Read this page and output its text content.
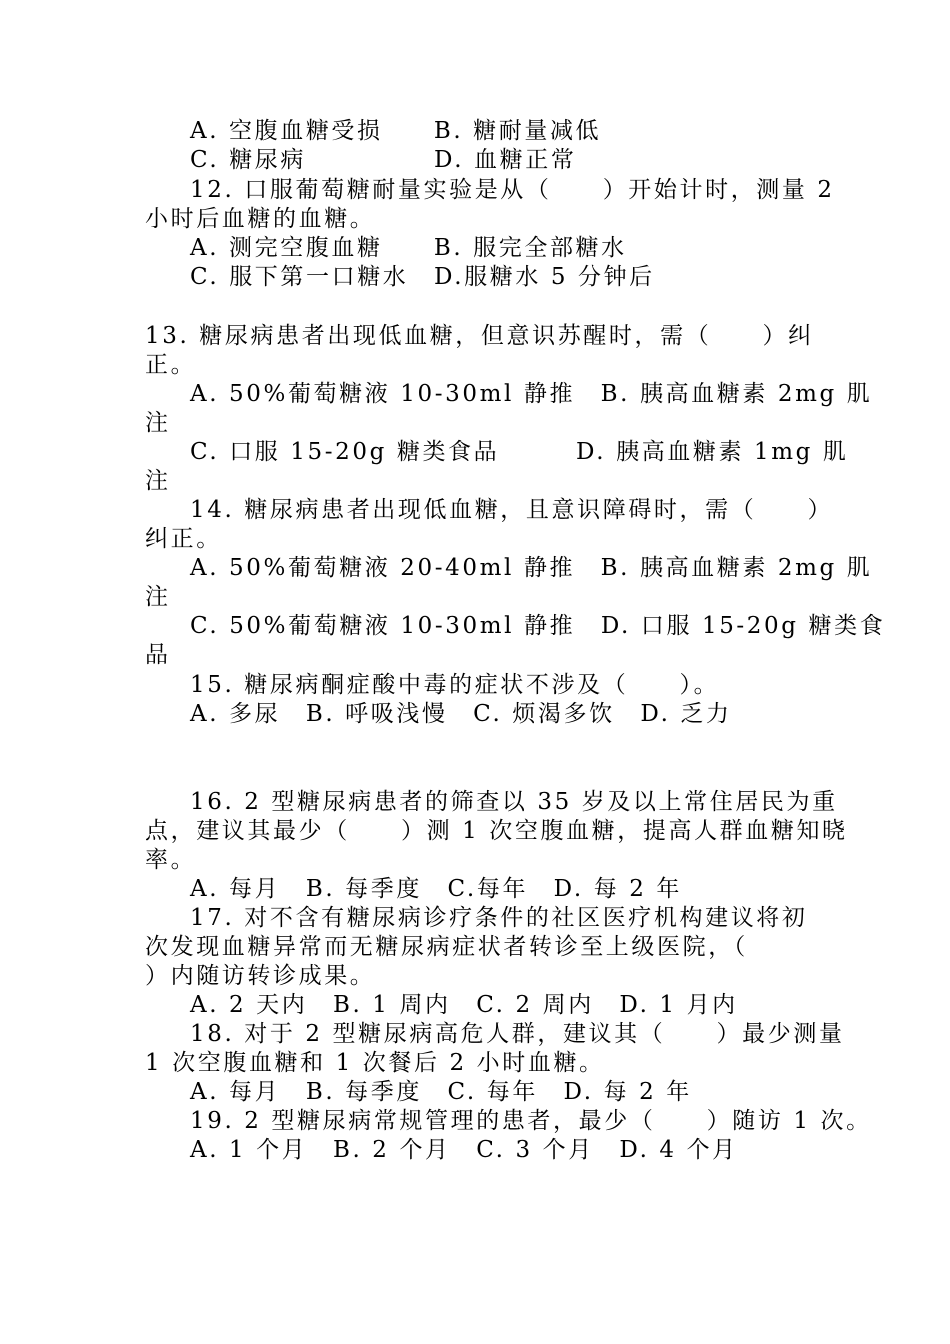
A. 空腹血糖受损　　B. 糖耐量减低
C. 糖尿病　　　　　D. 血糖正常
12. 口服葡萄糖耐量实验是从（　　）开始计时，测量 2
小时后血糖的血糖。
A. 测完空腹血糖　　B. 服完全部糖水
C. 服下第一口糖水　D.服糖水 5 分钟后
13. 糖尿病患者出现低血糖，但意识苏醒时，需（　　）纠
正。
A. 50%葡萄糖液 10-30ml 静推　B. 胰高血糖素 2mg 肌
注
C. 口服 15-20g 糖类食品　　　D. 胰高血糖素 1mg 肌
注
14. 糖尿病患者出现低血糖，且意识障碍时，需（　　）
纠正。
A. 50%葡萄糖液 20-40ml 静推　B. 胰高血糖素 2mg 肌
注
C. 50%葡萄糖液 10-30ml 静推　D. 口服 15-20g 糖类食
品
15. 糖尿病酮症酸中毒的症状不涉及（　　）。
A. 多尿　B. 呼吸浅慢　C. 烦渴多饮　D. 乏力
16. 2 型糖尿病患者的筛查以 35 岁及以上常住居民为重
点，建议其最少（　　）测 1 次空腹血糖，提高人群血糖知晓
率。
A. 每月　B. 每季度　C.每年　D. 每 2 年
17. 对不含有糖尿病诊疗条件的社区医疗机构建议将初
次发现血糖异常而无糖尿病症状者转诊至上级医院，（
）内随访转诊成果。
A. 2 天内　B. 1 周内　C. 2 周内　D. 1 月内
18. 对于 2 型糖尿病高危人群，建议其（　　）最少测量
1 次空腹血糖和 1 次餐后 2 小时血糖。
A. 每月　B. 每季度　C. 每年　D. 每 2 年
19. 2 型糖尿病常规管理的患者，最少（　　）随访 1 次。
A. 1 个月　B. 2 个月　C. 3 个月　D. 4 个月
